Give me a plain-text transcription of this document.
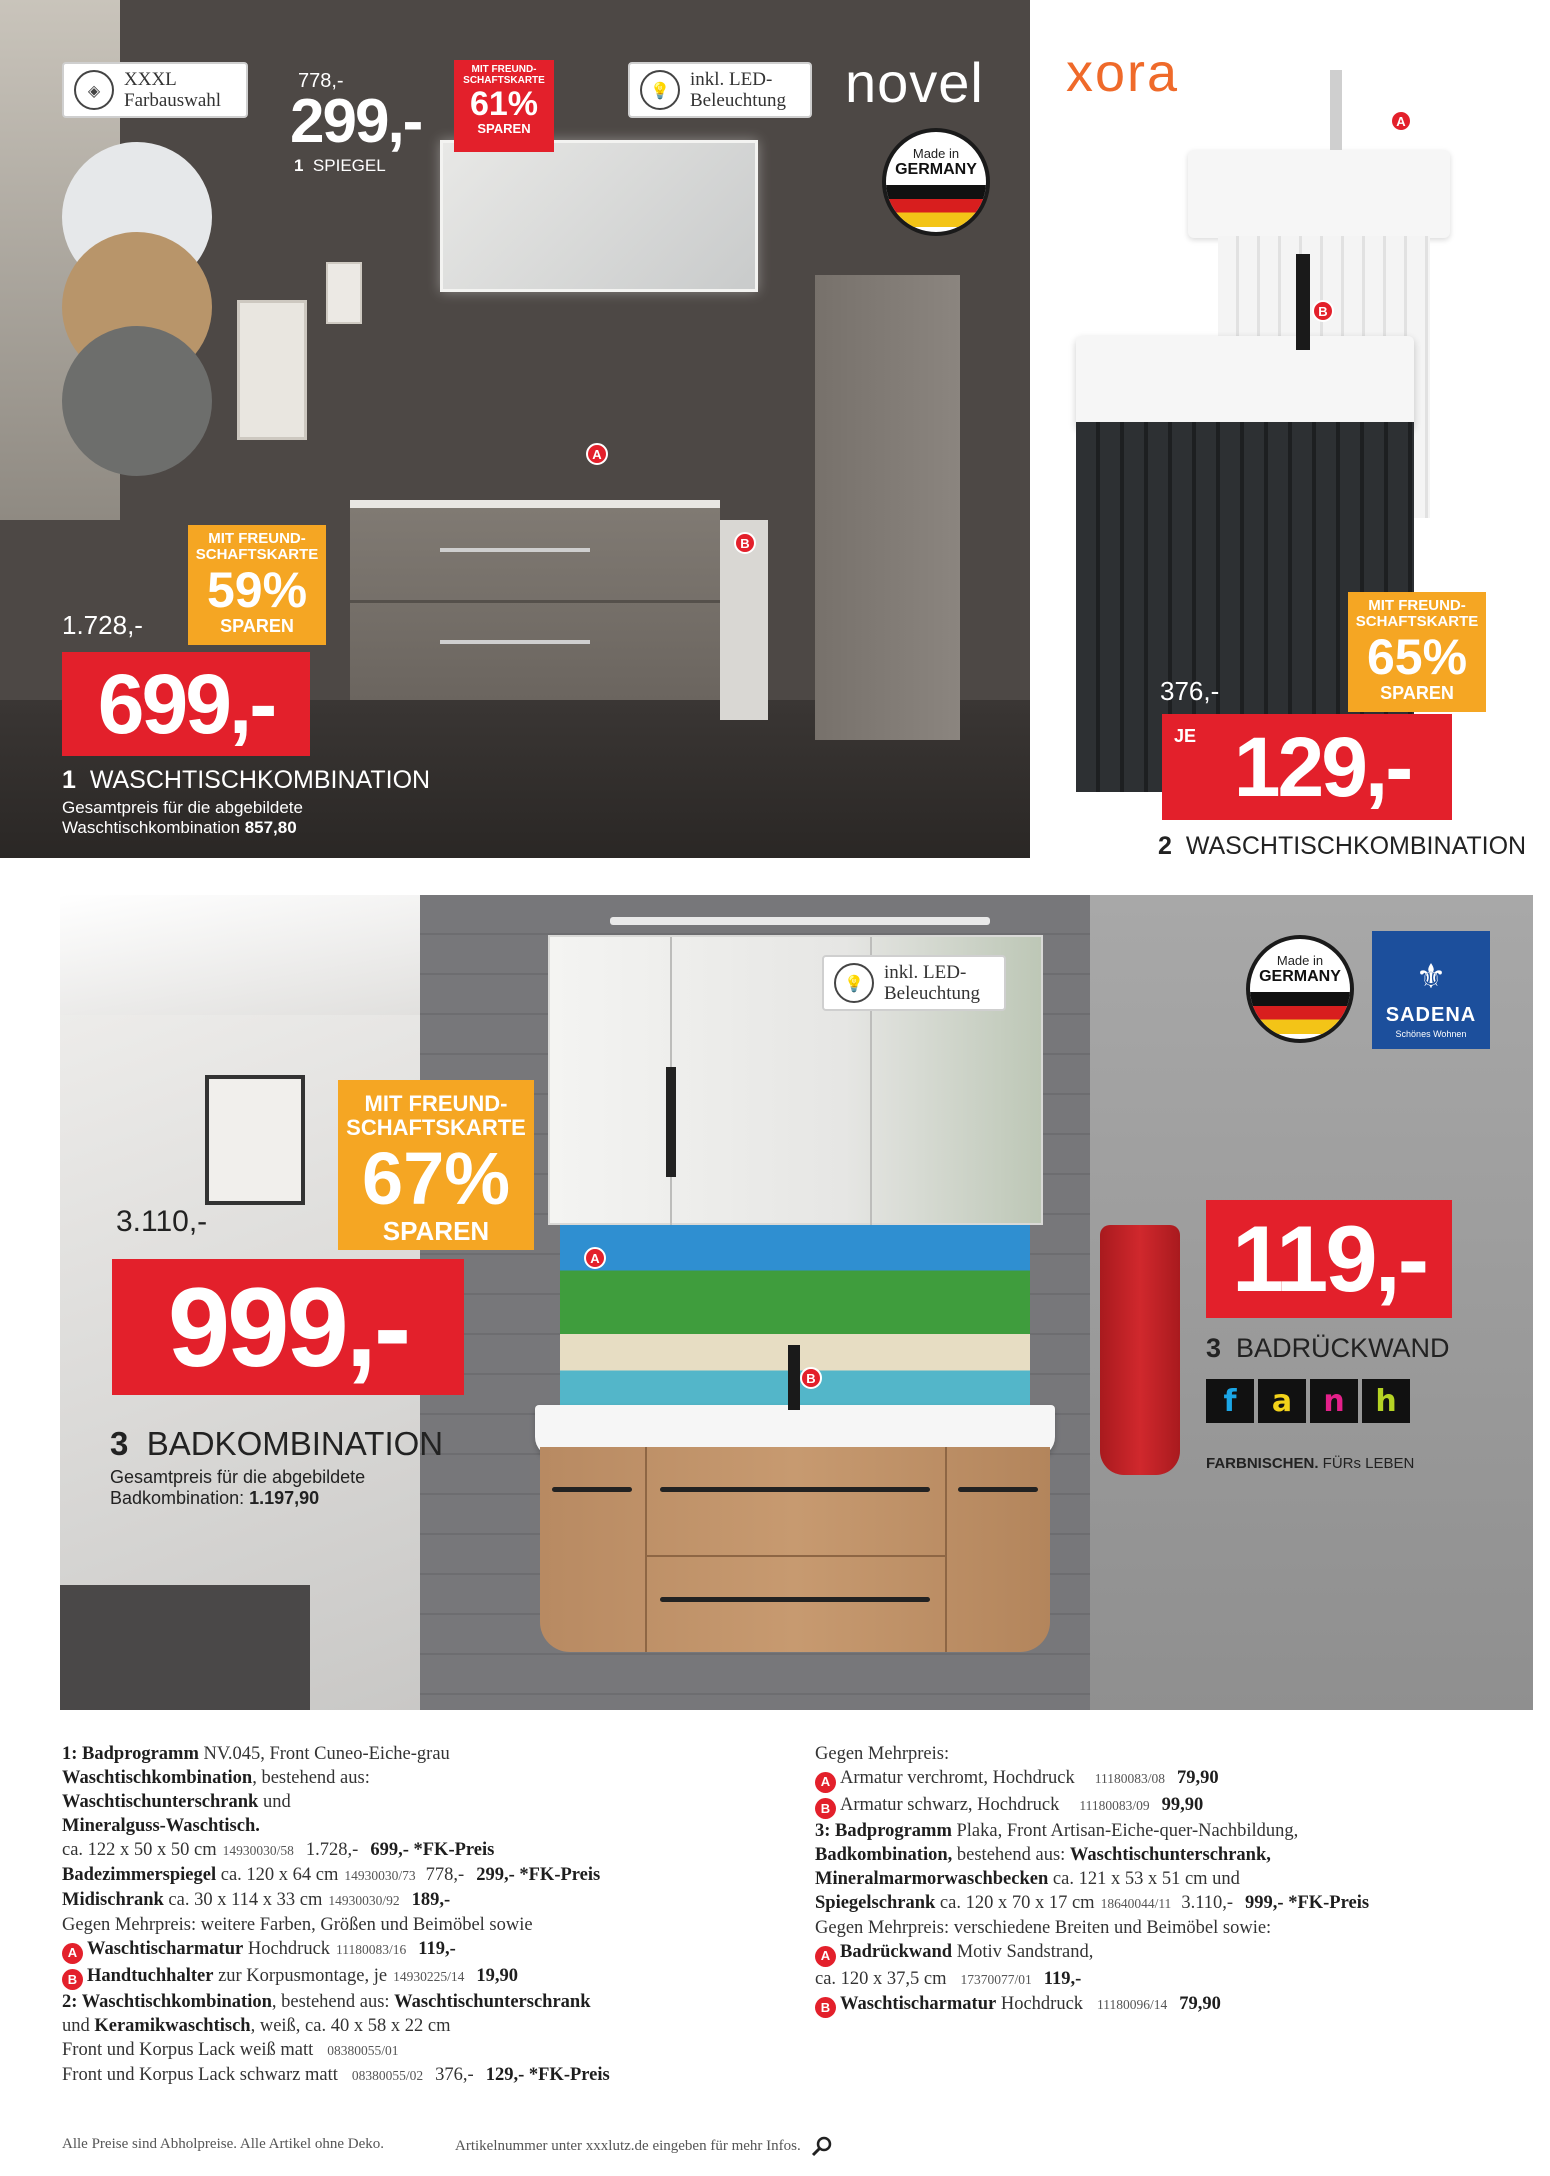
A
B
◈	XXXL
Farbauswahl
778,-
299,-
1 SPIEGEL
MIT FREUND-
SCHAFTSKARTE
61%
SPAREN
💡	inkl. LED-
Beleuchtung novel
Made in
GERMANY
MIT FREUND-
SCHAFTSKARTE
59%
SPAREN
1.728,-
699,-
1 WASCHTISCHKOMBINATION
Gesamtpreis für die abgebildete
Waschtischkombination 857,80
xora
A
B
MIT FREUND-
SCHAFTSKARTE
65%
SPAREN
376,-
JE 129,-
2 WASCHTISCHKOMBINATION
A
B
💡	inkl. LED-
Beleuchtung
Made in
GERMANY ⚜
SADENA
Schönes Wohnen
MIT FREUND-
SCHAFTSKARTE
67%
SPAREN
3.110,-
999,-
3 BADKOMBINATION
Gesamtpreis für die abgebildete
Badkombination: 1.197,90
119,-
3 BADRÜCKWAND
f	a	n	h
FARBNISCHEN. FÜRs LEBEN
1: Badprogramm NV.045, Front Cuneo-Eiche-grau
Waschtischkombination, bestehend aus:
Waschtischunterschrank und
Mineralguss-Waschtisch.
ca. 122 x 50 x 50 cm 14930030/58 1.728,- 699,- *FK-Preis
Badezimmerspiegel ca. 120 x 64 cm 14930030/73 778,- 299,- *FK-Preis
Midischrank ca. 30 x 114 x 33 cm 14930030/92 189,-
Gegen Mehrpreis: weitere Farben, Größen und Beimöbel sowie
A Waschtischarmatur Hochdruck 11180083/16 119,-
B Handtuchhalter zur Korpusmontage, je 14930225/14 19,90
2: Waschtischkombination, bestehend aus: Waschtischunterschrank
und Keramikwaschtisch, weiß, ca. 40 x 58 x 22 cm
Front und Korpus Lack weiß matt 08380055/01
Front und Korpus Lack schwarz matt 08380055/02 376,- 129,- *FK-Preis
Gegen Mehrpreis:
A Armatur verchromt, Hochdruck 11180083/08 79,90
B Armatur schwarz, Hochdruck 11180083/09 99,90
3: Badprogramm Plaka, Front Artisan-Eiche-quer-Nachbildung,
Badkombination, bestehend aus: Waschtischunterschrank,
Mineralmarmorwaschbecken ca. 121 x 53 x 51 cm und
Spiegelschrank ca. 120 x 70 x 17 cm 18640044/11 3.110,- 999,- *FK-Preis
Gegen Mehrpreis: verschiedene Breiten und Beimöbel sowie:
A Badrückwand Motiv Sandstrand,
ca. 120 x 37,5 cm 17370077/01 119,-
B Waschtischarmatur Hochdruck 11180096/14 79,90
Alle Preise sind Abholpreise. Alle Artikel ohne Deko.	Artikelnummer unter xxxlutz.de eingeben für mehr Infos.
